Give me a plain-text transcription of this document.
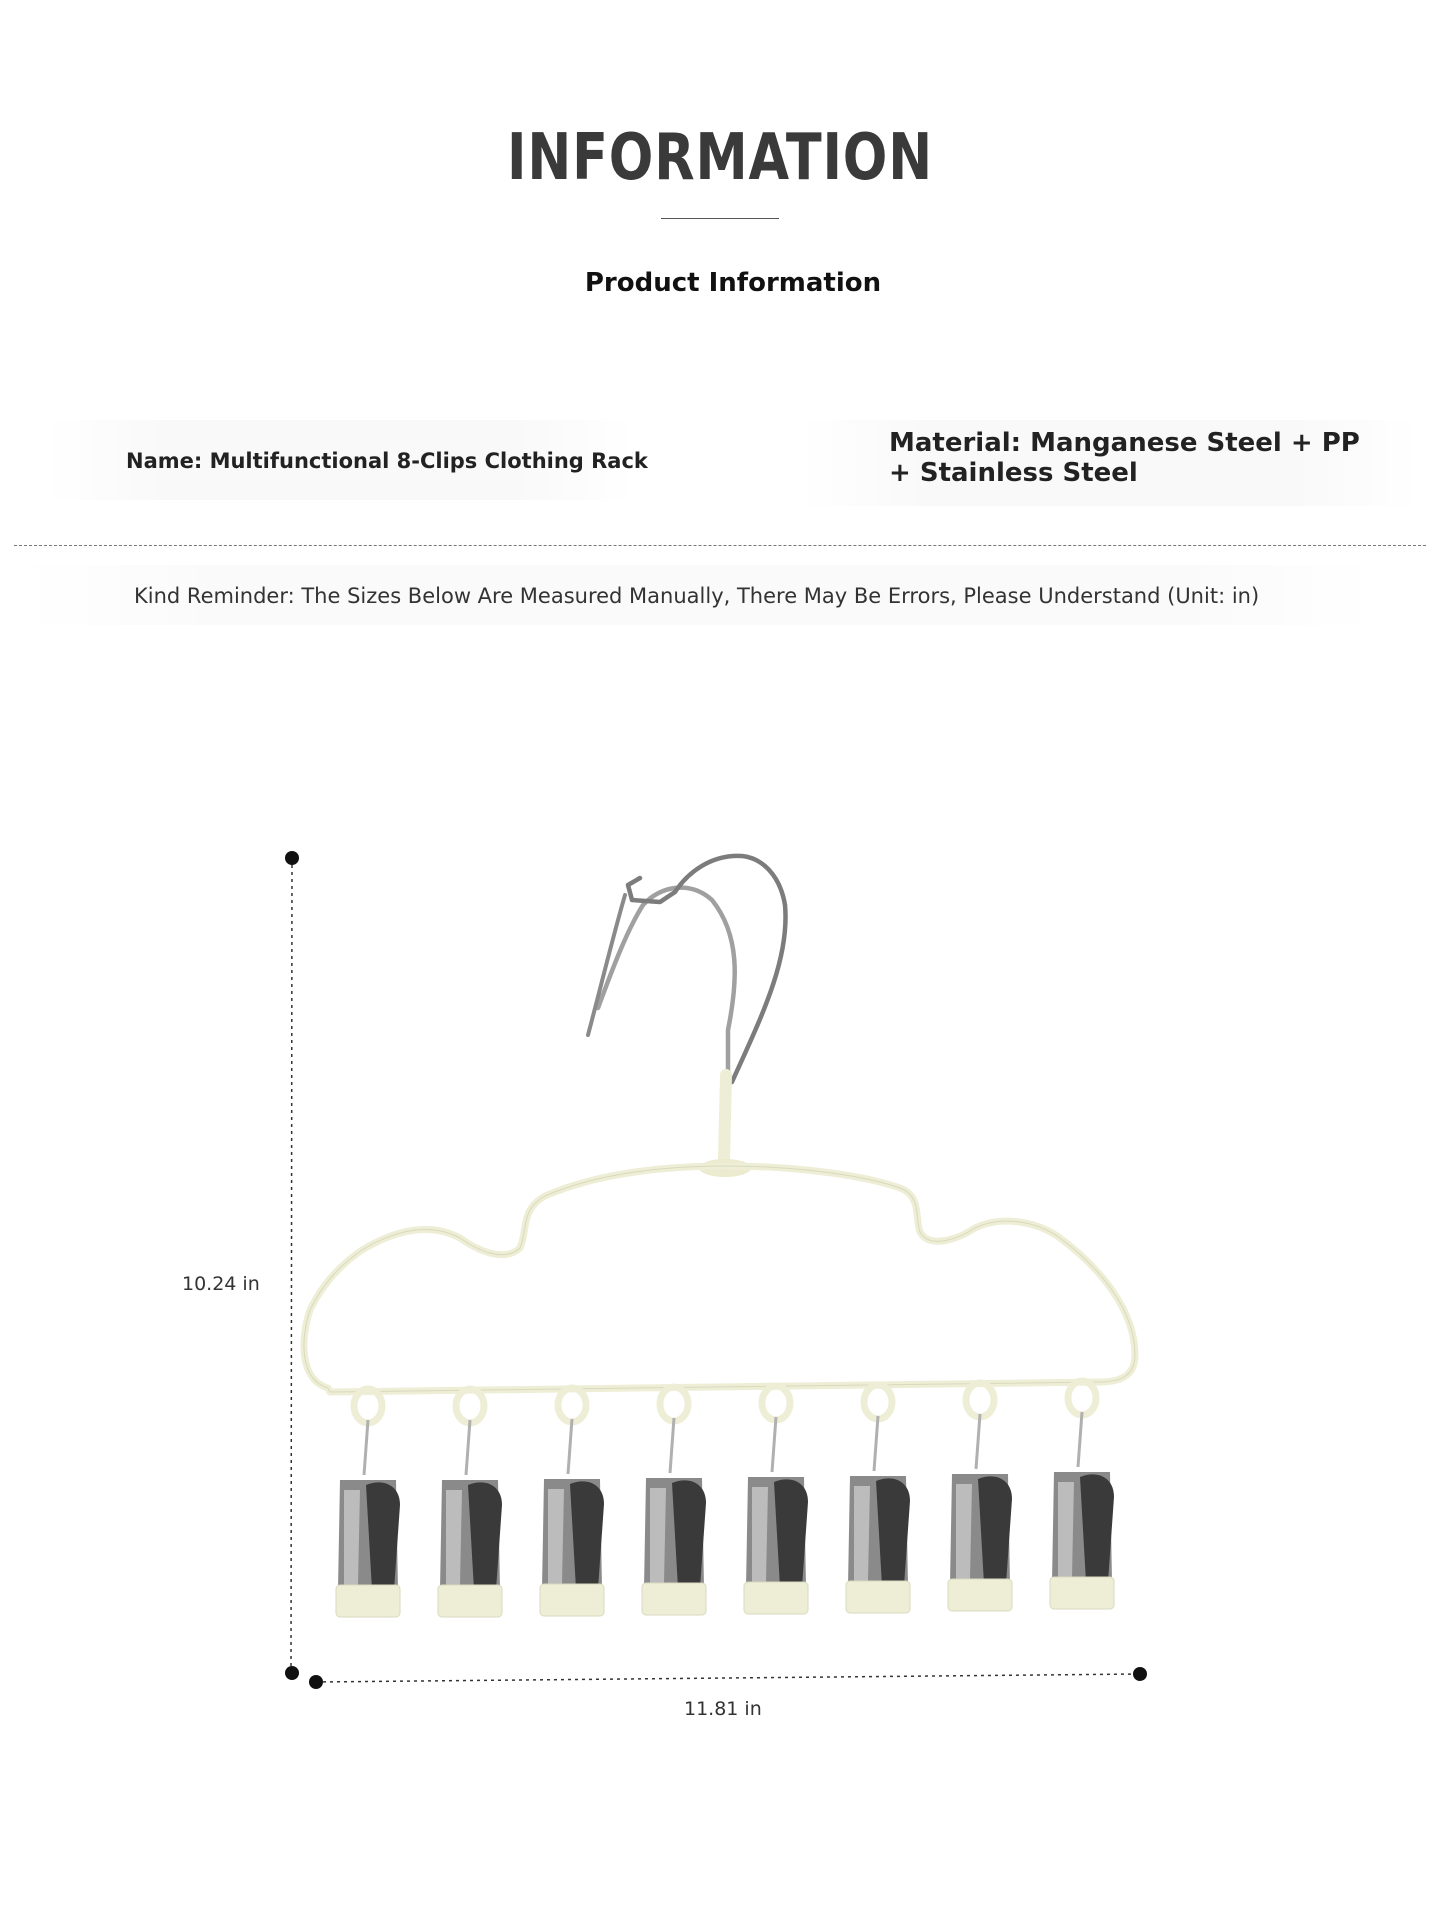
INFORMATION
Product Information
Name: Multifunctional 8-Clips Clothing Rack
Material: Manganese Steel + PP + Stainless Steel
Kind Reminder: The Sizes Below Are Measured Manually, There May Be Errors, Please Understand (Unit: in)
10.24 in
11.81 in
